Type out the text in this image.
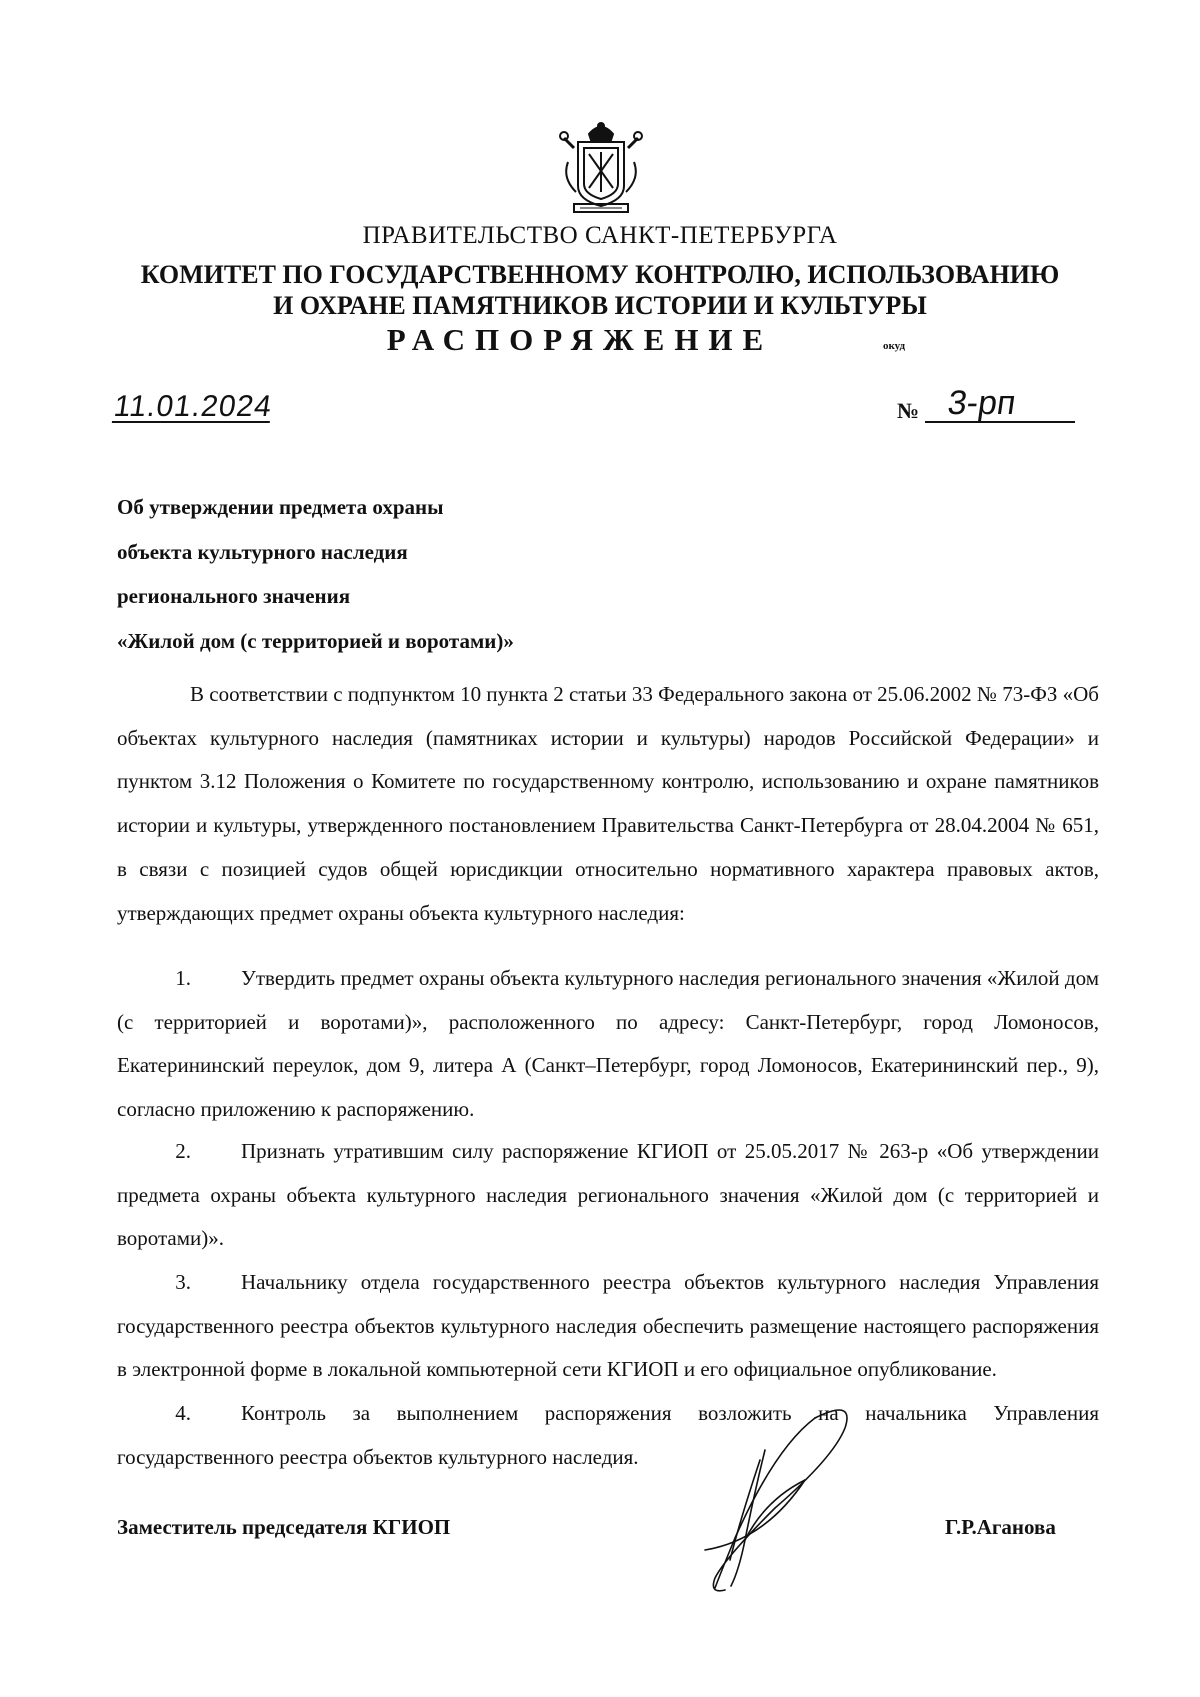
ПРАВИТЕЛЬСТВО САНКТ-ПЕТЕРБУРГА
КОМИТЕТ ПО ГОСУДАРСТВЕННОМУ КОНТРОЛЮ, ИСПОЛЬЗОВАНИЮ
И ОХРАНЕ ПАМЯТНИКОВ ИСТОРИИ И КУЛЬТУРЫ
РАСПОРЯЖЕНИЕ	окуд
11.01.2024	№ 3-рп
Об утверждении предмета охраны
объекта культурного наследия
регионального значения
«Жилой дом (с территорией и воротами)»
В соответствии с подпунктом 10 пункта 2 статьи 33 Федерального закона от 25.06.2002 № 73-ФЗ «Об объектах культурного наследия (памятниках истории и культуры) народов Российской Федерации» и пунктом 3.12 Положения о Комитете по государственному контролю, использованию и охране памятников истории и культуры, утвержденного постановлением Правительства Санкт-Петербурга от 28.04.2004 № 651, в связи с позицией судов общей юрисдикции относительно нормативного характера правовых актов, утверждающих предмет охраны объекта культурного наследия:
1. Утвердить предмет охраны объекта культурного наследия регионального значения «Жилой дом (с территорией и воротами)», расположенного по адресу: Санкт-Петербург, город Ломоносов, Екатерининский переулок, дом 9, литера А (Санкт–Петербург, город Ломоносов, Екатерининский пер., 9), согласно приложению к распоряжению.
2. Признать утратившим силу распоряжение КГИОП от 25.05.2017 № 263-р «Об утверждении предмета охраны объекта культурного наследия регионального значения «Жилой дом (с территорией и воротами)».
3. Начальнику отдела государственного реестра объектов культурного наследия Управления государственного реестра объектов культурного наследия обеспечить размещение настоящего распоряжения в электронной форме в локальной компьютерной сети КГИОП и его официальное опубликование.
4. Контроль за выполнением распоряжения возложить на начальника Управления государственного реестра объектов культурного наследия.
Заместитель председателя КГИОП	Г.Р.Аганова
